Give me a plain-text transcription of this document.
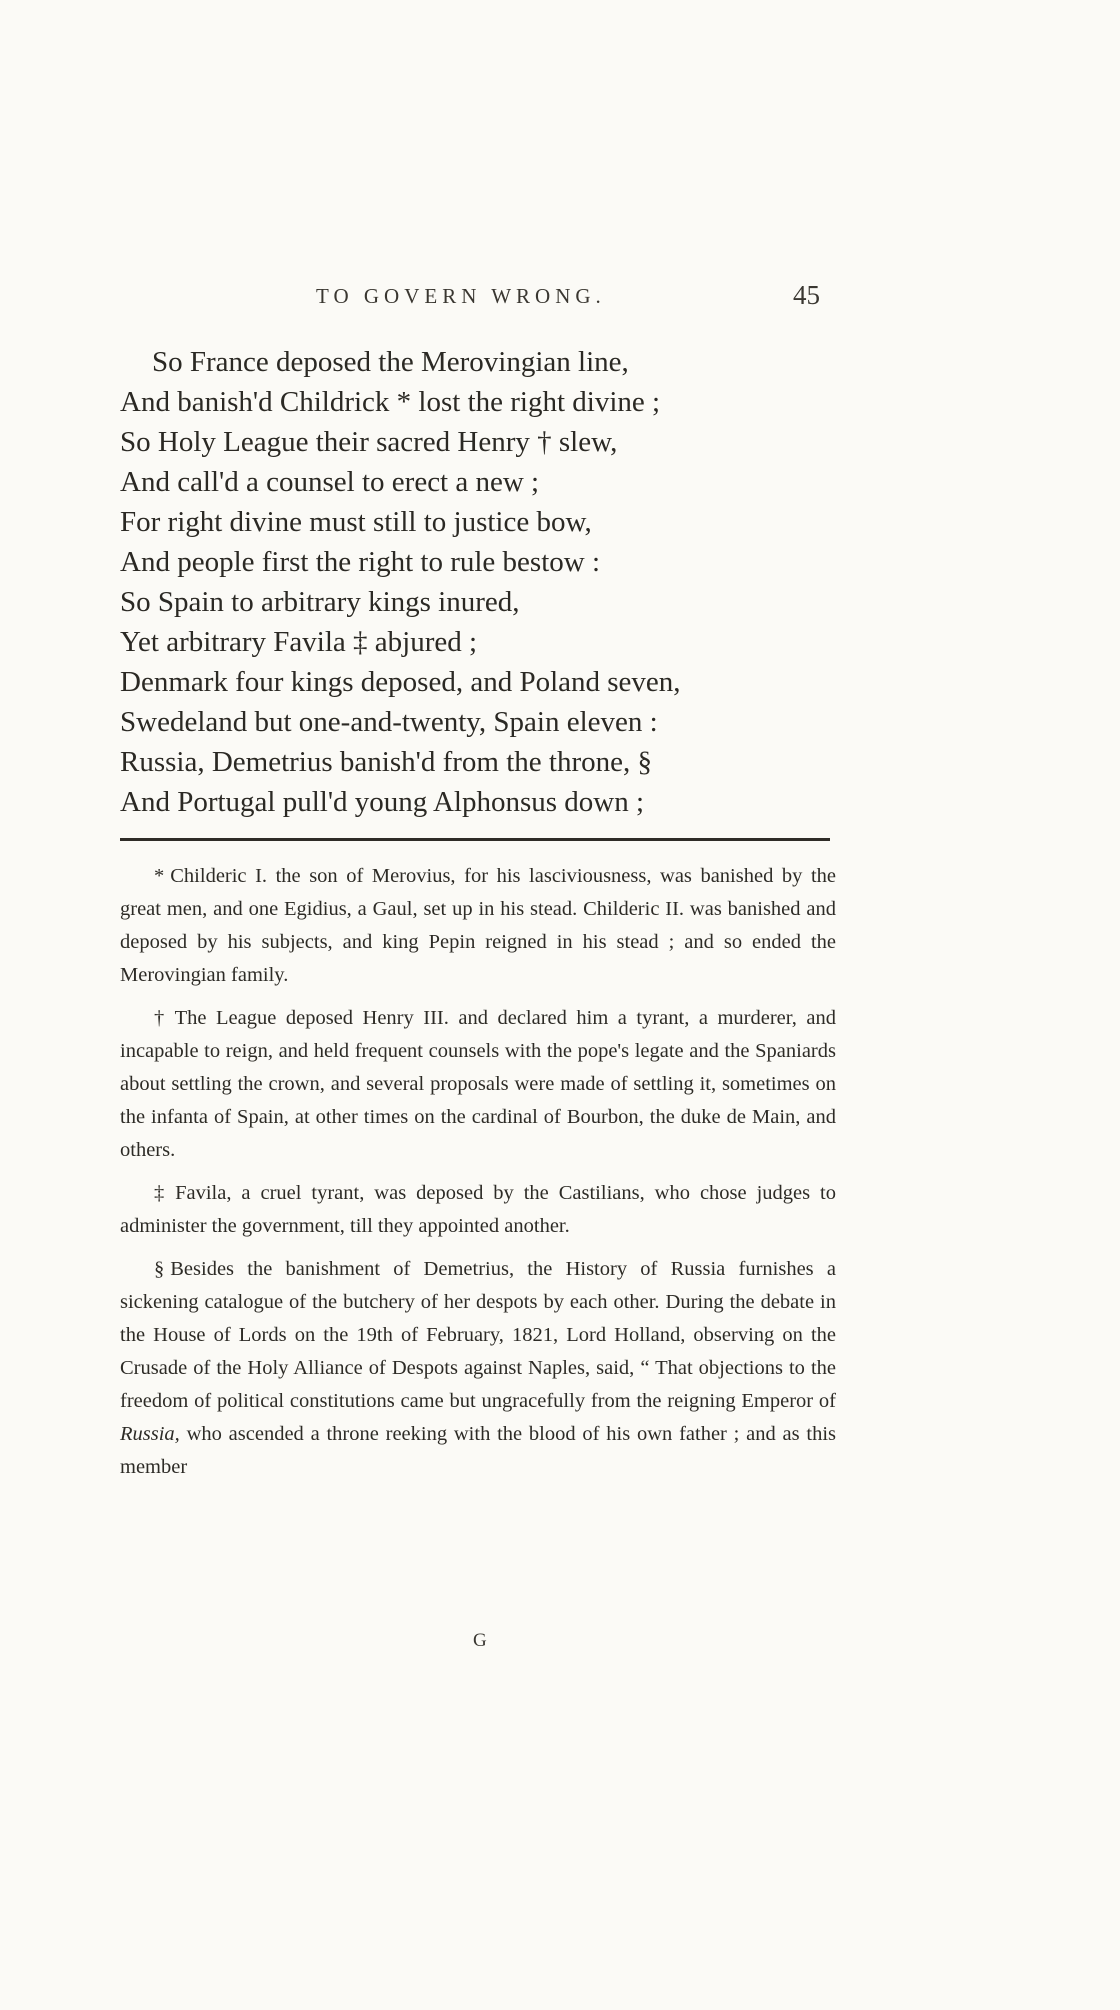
TO GOVERN WRONG.	45
So France deposed the Merovingian line,
And banish'd Childrick * lost the right divine ;
So Holy League their sacred Henry † slew,
And call'd a counsel to erect a new ;
For right divine must still to justice bow,
And people first the right to rule bestow :
So Spain to arbitrary kings inured,
Yet arbitrary Favila ‡ abjured ;
Denmark four kings deposed, and Poland seven,
Swedeland but one-and-twenty, Spain eleven :
Russia, Demetrius banish'd from the throne, §
And Portugal pull'd young Alphonsus down ;

* Childeric I. the son of Merovius, for his lasciviousness, was banished by the great men, and one Egidius, a Gaul, set up in his stead. Childeric II. was banished and deposed by his subjects, and king Pepin reigned in his stead ; and so ended the Merovingian family.

† The League deposed Henry III. and declared him a tyrant, a murderer, and incapable to reign, and held frequent counsels with the pope's legate and the Spaniards about settling the crown, and several proposals were made of settling it, sometimes on the infanta of Spain, at other times on the cardinal of Bourbon, the duke de Main, and others.

‡ Favila, a cruel tyrant, was deposed by the Castilians, who chose judges to administer the government, till they appointed another.

§ Besides the banishment of Demetrius, the History of Russia furnishes a sickening catalogue of the butchery of her despots by each other. During the debate in the House of Lords on the 19th of February, 1821, Lord Holland, observing on the Crusade of the Holy Alliance of Despots against Naples, said, “ That objections to the freedom of political constitutions came but ungracefully from the reigning Emperor of Russia, who ascended a throne reeking with the blood of his own father ; and as this member

G
